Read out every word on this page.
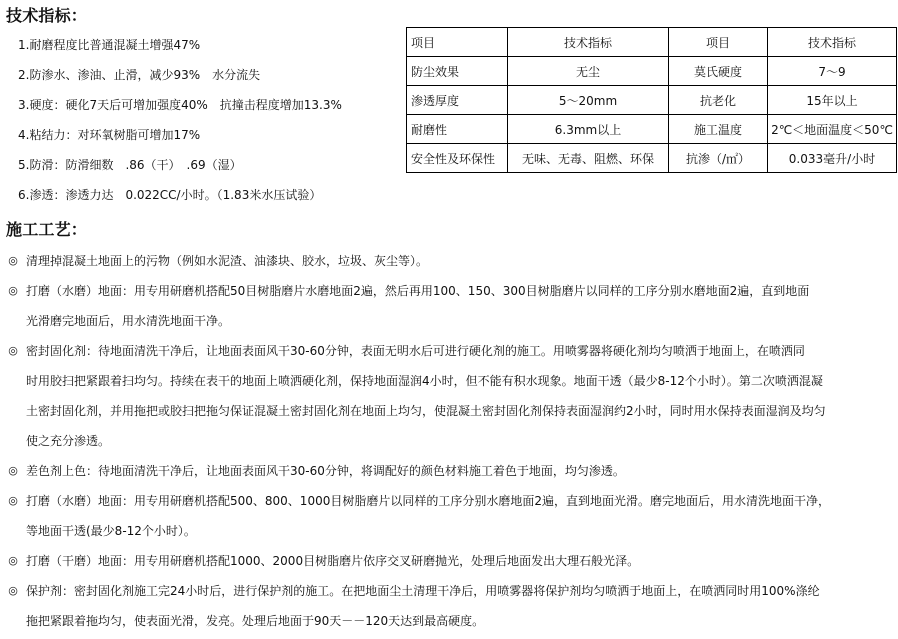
技术指标：
1.耐磨程度比普通混凝土增强47%
2.防渗水、渗油、止滑，减少93%　水分流失
3.硬度：硬化7天后可增加强度40%　抗撞击程度增加13.3%
4.粘结力：对环氧树脂可增加17%
5.防滑：防滑细数　.86（干）　.69（湿）
6.渗透：渗透力达　0.022CC/小时。（1.83米水压试验）
项目	技术指标	项目	技术指标
防尘效果	无尘	莫氏硬度	7～9
渗透厚度	5～20mm	抗老化	15年以上
耐磨性	6.3mm以上	施工温度	2℃＜地面温度＜50℃
安全性及环保性	无味、无毒、阻燃、环保	抗渗（/㎡）	0.033毫升/小时
施工工艺：
◎ 清理掉混凝土地面上的污物（例如水泥渣、油漆块、胶水，垃圾、灰尘等）。
◎ 打磨（水磨）地面：用专用研磨机搭配50目树脂磨片水磨地面2遍，然后再用100、150、300目树脂磨片以同样的工序分别水磨地面2遍，直到地面
光滑磨完地面后，用水清洗地面干净。
◎ 密封固化剂：待地面清洗干净后，让地面表面风干30-60分钟，表面无明水后可进行硬化剂的施工。用喷雾器将硬化剂均匀喷洒于地面上，在喷洒同
时用胶扫把紧跟着扫均匀。持续在表干的地面上喷洒硬化剂，保持地面湿润4小时，但不能有积水现象。地面干透（最少8-12个小时）。第二次喷洒混凝
土密封固化剂，并用拖把或胶扫把拖匀保证混凝土密封固化剂在地面上均匀，使混凝土密封固化剂保持表面湿润约2小时，同时用水保持表面湿润及均匀
使之充分渗透。
◎ 差色剂上色：待地面清洗干净后，让地面表面风干30-60分钟，将调配好的颜色材料施工着色于地面，均匀渗透。
◎ 打磨（水磨）地面：用专用研磨机搭配500、800、1000目树脂磨片以同样的工序分别水磨地面2遍，直到地面光滑。磨完地面后，用水清洗地面干净，
等地面干透(最少8-12个小时）。
◎ 打磨（干磨）地面：用专用研磨机搭配1000、2000目树脂磨片依序交叉研磨抛光，处理后地面发出大理石般光泽。
◎ 保护剂：密封固化剂施工完24小时后，进行保护剂的施工。在把地面尘土清理干净后，用喷雾器将保护剂均匀喷洒于地面上，在喷洒同时用100%涤纶
拖把紧跟着拖均匀，使表面光滑，发亮。处理后地面于90天－－120天达到最高硬度。
